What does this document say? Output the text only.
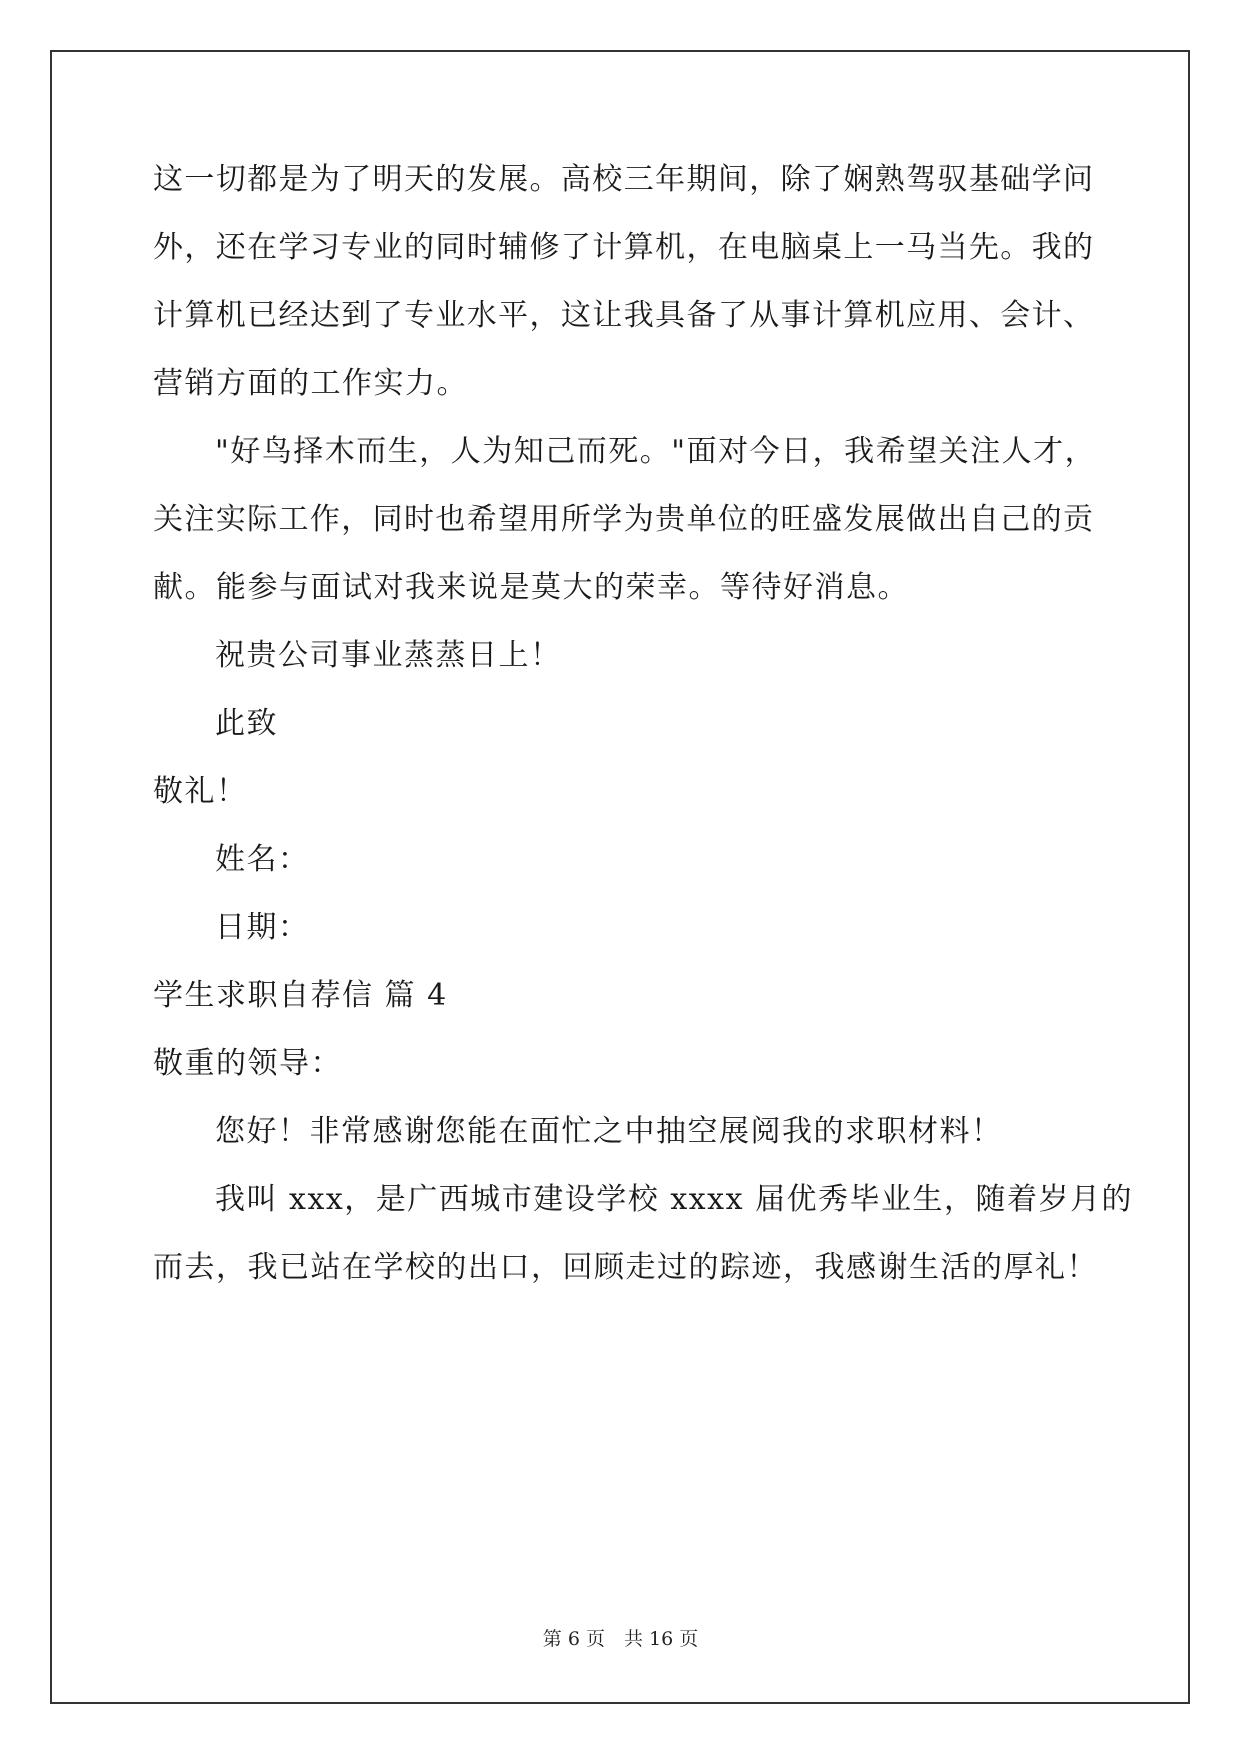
这一切都是为了明天的发展。高校三年期间，除了娴熟驾驭基础学问
外，还在学习专业的同时辅修了计算机，在电脑桌上一马当先。我的
计算机已经达到了专业水平，这让我具备了从事计算机应用、会计、
营销方面的工作实力。
"好鸟择木而生，人为知己而死。"面对今日，我希望关注人才，
关注实际工作，同时也希望用所学为贵单位的旺盛发展做出自己的贡
献。能参与面试对我来说是莫大的荣幸。等待好消息。
祝贵公司事业蒸蒸日上！
此致
敬礼！
姓名：
日期：
学生求职自荐信 篇 4
敬重的领导：
您好！非常感谢您能在面忙之中抽空展阅我的求职材料！
我叫 xxx，是广西城市建设学校 xxxx 届优秀毕业生，随着岁月的
而去，我已站在学校的出口，回顾走过的踪迹，我感谢生活的厚礼！
第 6 页　共 16 页
